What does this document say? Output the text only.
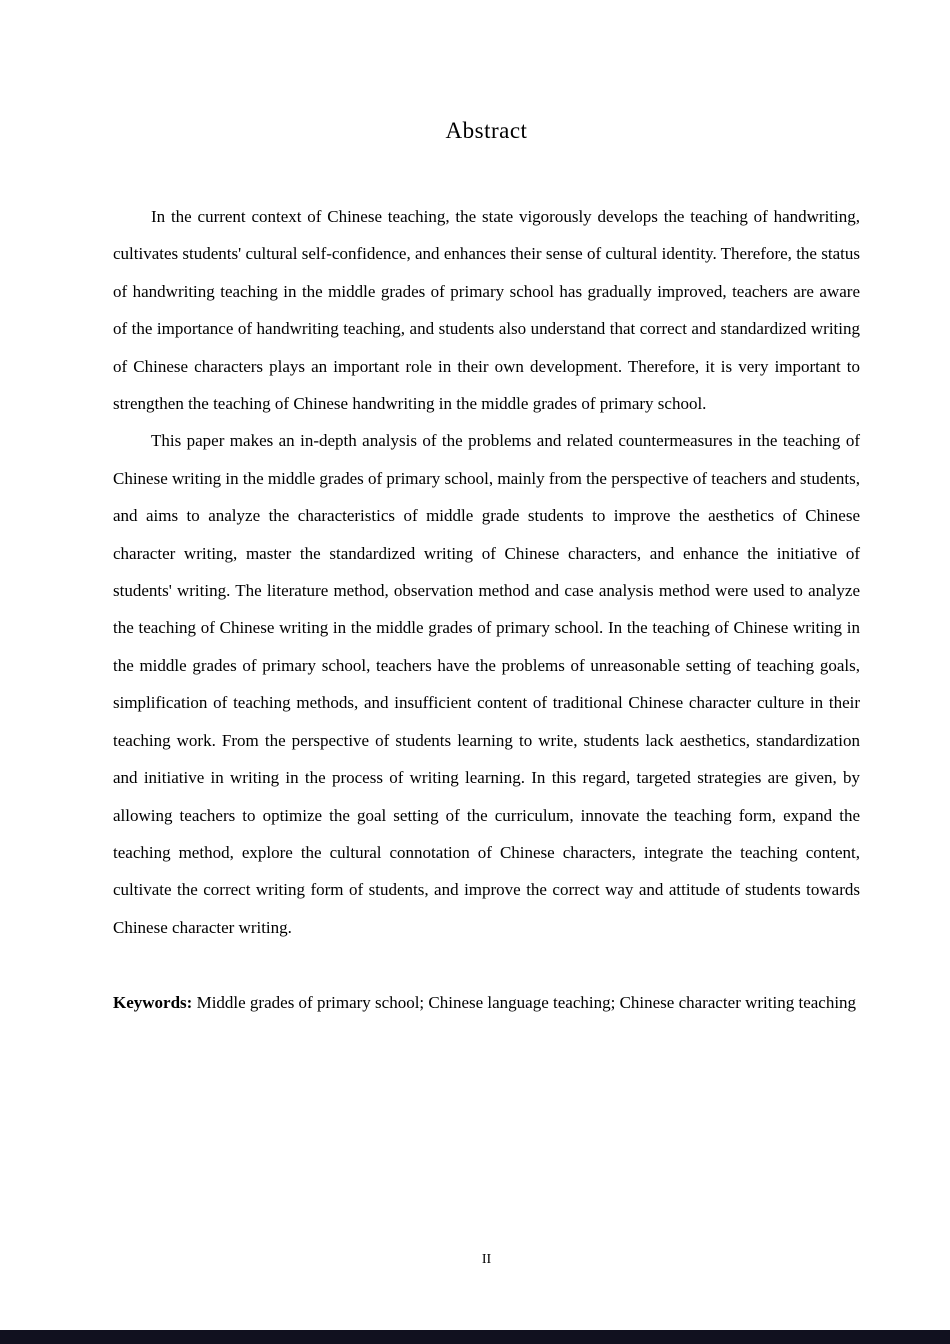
Abstract

In the current context of Chinese teaching, the state vigorously develops the teaching of handwriting, cultivates students' cultural self-confidence, and enhances their sense of cultural identity. Therefore, the status of handwriting teaching in the middle grades of primary school has gradually improved, teachers are aware of the importance of handwriting teaching, and students also understand that correct and standardized writing of Chinese characters plays an important role in their own development. Therefore, it is very important to strengthen the teaching of Chinese handwriting in the middle grades of primary school.

This paper makes an in-depth analysis of the problems and related countermeasures in the teaching of Chinese writing in the middle grades of primary school, mainly from the perspective of teachers and students, and aims to analyze the characteristics of middle grade students to improve the aesthetics of Chinese character writing, master the standardized writing of Chinese characters, and enhance the initiative of students' writing. The literature method, observation method and case analysis method were used to analyze the teaching of Chinese writing in the middle grades of primary school. In the teaching of Chinese writing in the middle grades of primary school, teachers have the problems of unreasonable setting of teaching goals, simplification of teaching methods, and insufficient content of traditional Chinese character culture in their teaching work. From the perspective of students learning to write, students lack aesthetics, standardization and initiative in writing in the process of writing learning. In this regard, targeted strategies are given, by allowing teachers to optimize the goal setting of the curriculum, innovate the teaching form, expand the teaching method, explore the cultural connotation of Chinese characters, integrate the teaching content, cultivate the correct writing form of students, and improve the correct way and attitude of students towards Chinese character writing.

Keywords: Middle grades of primary school; Chinese language teaching; Chinese character writing teaching

II
